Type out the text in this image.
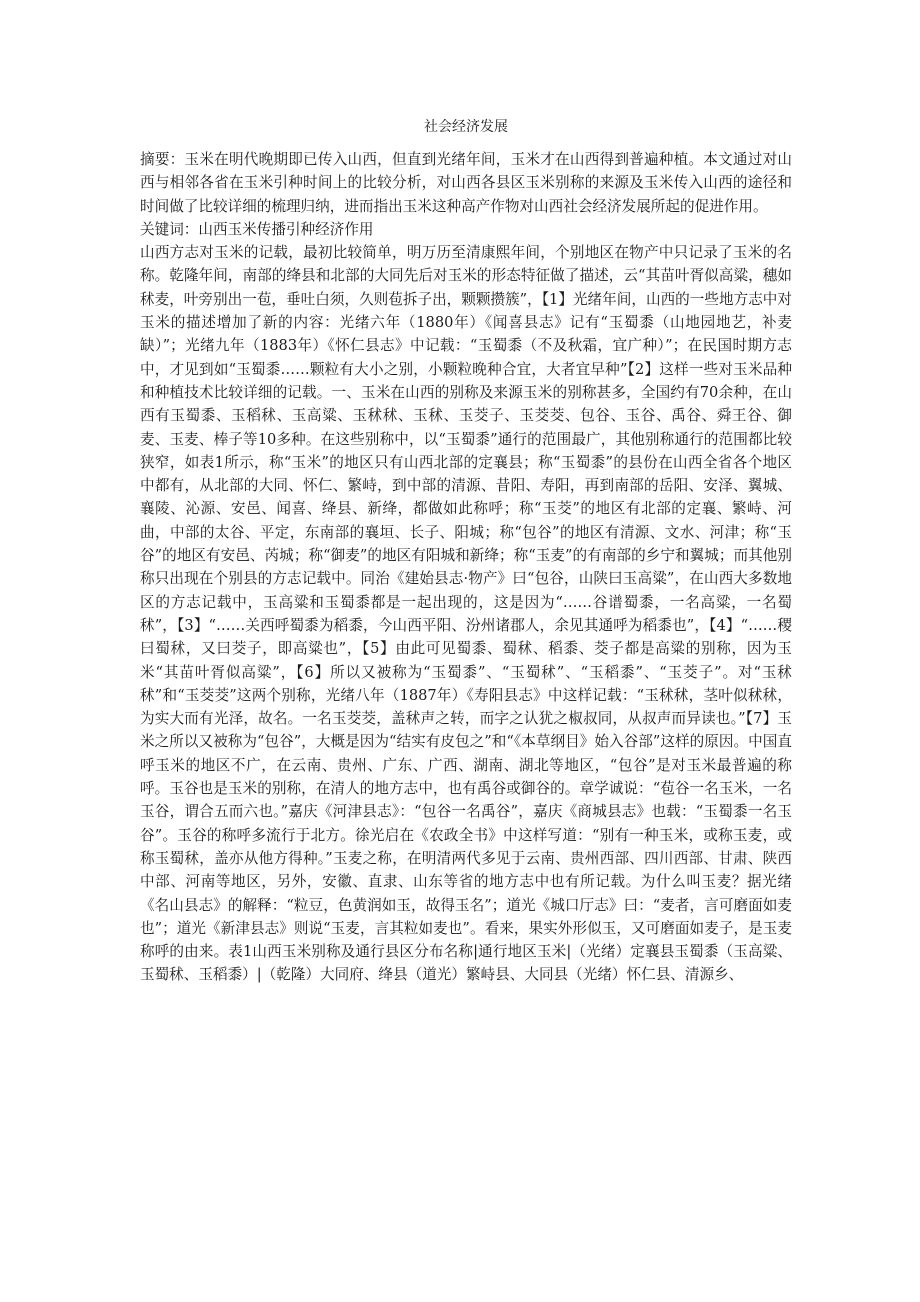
社会经济发展

摘要：玉米在明代晚期即已传入山西，但直到光绪年间，玉米才在山西得到普遍种植。本文通过对山西与相邻各省在玉米引种时间上的比较分析，对山西各县区玉米别称的来源及玉米传入山西的途径和时间做了比较详细的梳理归纳，进而指出玉米这种高产作物对山西社会经济发展所起的促进作用。

关键词：山西玉米传播引种经济作用

山西方志对玉米的记载，最初比较简单，明万历至清康熙年间，个别地区在物产中只记录了玉米的名称。乾隆年间，南部的绛县和北部的大同先后对玉米的形态特征做了描述，云“其苗叶胥似高粱，穗如秫麦，叶旁别出一苞，垂吐白须，久则苞拆子出，颗颗攒簇”，【1】光绪年间，山西的一些地方志中对玉米的描述增加了新的内容：光绪六年（1880年）《闻喜县志》记有“玉蜀黍（山地园地艺，补麦缺）”；光绪九年（1883年）《怀仁县志》中记载：“玉蜀黍（不及秋霜，宜广种）”；在民国时期方志中，才见到如“玉蜀黍……颗粒有大小之别，小颗粒晚种合宜，大者宜早种”【2】这样一些对玉米品种和种植技术比较详细的记载。一、玉米在山西的别称及来源玉米的别称甚多，全国约有70余种，在山西有玉蜀黍、玉稻秫、玉高粱、玉秫秫、玉秫、玉茭子、玉茭茭、包谷、玉谷、禹谷、舜王谷、御麦、玉麦、棒子等10多种。在这些别称中，以“玉蜀黍”通行的范围最广，其他别称通行的范围都比较狭窄，如表1所示，称“玉米”的地区只有山西北部的定襄县；称“玉蜀黍”的县份在山西全省各个地区中都有，从北部的大同、怀仁、繁峙，到中部的清源、昔阳、寿阳，再到南部的岳阳、安泽、翼城、襄陵、沁源、安邑、闻喜、绛县、新绛，都做如此称呼；称“玉茭”的地区有北部的定襄、繁峙、河曲，中部的太谷、平定，东南部的襄垣、长子、阳城；称“包谷”的地区有清源、文水、河津；称“玉谷”的地区有安邑、芮城；称“御麦”的地区有阳城和新绛；称“玉麦”的有南部的乡宁和翼城；而其他别称只出现在个别县的方志记载中。同治《建始县志·物产》曰“包谷，山陕曰玉高粱”，在山西大多数地区的方志记载中，玉高粱和玉蜀黍都是一起出现的，这是因为“……谷谱蜀黍，一名高粱，一名蜀秫”，【3】“……关西呼蜀黍为稻黍，今山西平阳、汾州诸郡人，余见其通呼为稻黍也”，【4】“……稷曰蜀秫，又曰茭子，即高粱也”，【5】由此可见蜀黍、蜀秫、稻黍、茭子都是高粱的别称，因为玉米“其苗叶胥似高粱”，【6】所以又被称为“玉蜀黍”、“玉蜀秫”、“玉稻黍”、“玉茭子”。对“玉秫秫”和“玉茭茭”这两个别称，光绪八年（1887年）《寿阳县志》中这样记载：“玉秫秫，茎叶似秫秫，为实大而有光泽，故名。一名玉茭茭，盖秫声之转，而字之认犹之椒叔同，从叔声而异读也。”【7】玉米之所以又被称为“包谷”，大概是因为“结实有皮包之”和“《本草纲目》始入谷部”这样的原因。中国直呼玉米的地区不广，在云南、贵州、广东、广西、湖南、湖北等地区，“包谷”是对玉米最普遍的称呼。玉谷也是玉米的别称，在清人的地方志中，也有禹谷或御谷的。章学诚说：“苞谷一名玉米，一名玉谷，谓合五而六也。”嘉庆《河津县志》：“包谷一名禹谷”，嘉庆《商城县志》也载：“玉蜀黍一名玉谷”。玉谷的称呼多流行于北方。徐光启在《农政全书》中这样写道：“别有一种玉米，或称玉麦，或称玉蜀秫，盖亦从他方得种。”玉麦之称，在明清两代多见于云南、贵州西部、四川西部、甘肃、陕西中部、河南等地区，另外，安徽、直隶、山东等省的地方志中也有所记载。为什么叫玉麦？据光绪《名山县志》的解释：“粒豆，色黄润如玉，故得玉名”；道光《城口厅志》曰：“麦者，言可磨面如麦也”；道光《新津县志》则说“玉麦，言其粒如麦也”。看来，果实外形似玉，又可磨面如麦子，是玉麦称呼的由来。表1山西玉米别称及通行县区分布名称|通行地区玉米|（光绪）定襄县玉蜀黍（玉高粱、玉蜀秫、玉稻黍）|（乾隆）大同府、绛县（道光）繁峙县、大同县（光绪）怀仁县、清源乡、
